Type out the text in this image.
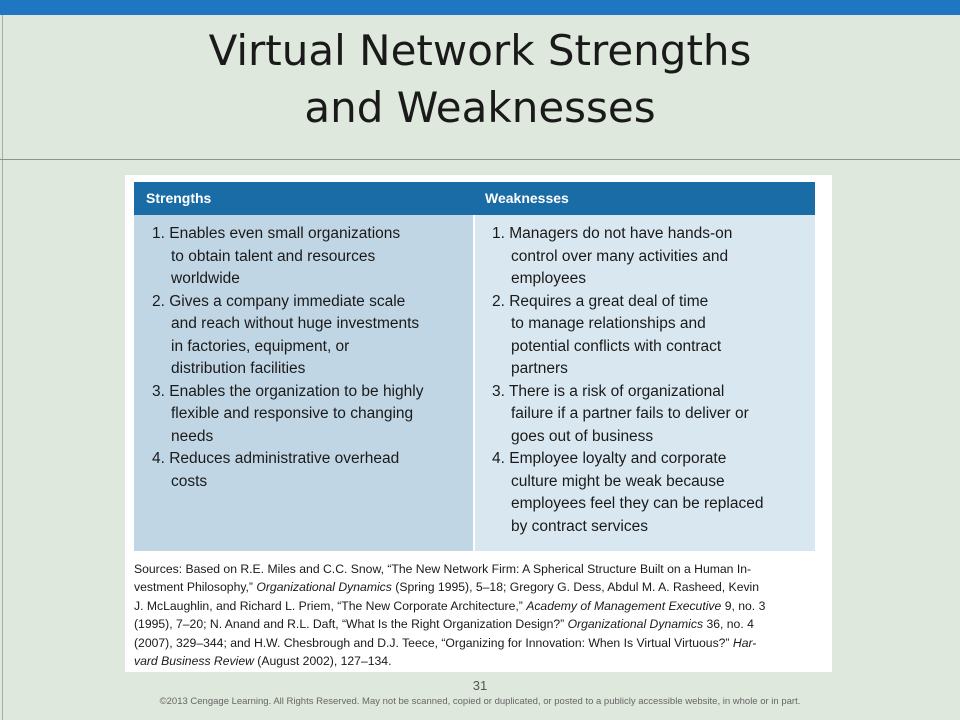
Virtual Network Strengths
and Weaknesses
Strengths	Weaknesses
1. Enables even small organizations
to obtain talent and resources
worldwide
2. Gives a company immediate scale
and reach without huge investments
in factories, equipment, or
distribution facilities
3. Enables the organization to be highly
flexible and responsive to changing
needs
4. Reduces administrative overhead
costs
1. Managers do not have hands-on
control over many activities and
employees
2. Requires a great deal of time
to manage relationships and
potential conflicts with contract
partners
3. There is a risk of organizational
failure if a partner fails to deliver or
goes out of business
4. Employee loyalty and corporate
culture might be weak because
employees feel they can be replaced
by contract services
Sources: Based on R.E. Miles and C.C. Snow, “The New Network Firm: A Spherical Structure Built on a Human In-
vestment Philosophy,” Organizational Dynamics (Spring 1995), 5–18; Gregory G. Dess, Abdul M. A. Rasheed, Kevin
J. McLaughlin, and Richard L. Priem, “The New Corporate Architecture,” Academy of Management Executive 9, no. 3
(1995), 7–20; N. Anand and R.L. Daft, “What Is the Right Organization Design?” Organizational Dynamics 36, no. 4
(2007), 329–344; and H.W. Chesbrough and D.J. Teece, “Organizing for Innovation: When Is Virtual Virtuous?” Har-
vard Business Review (August 2002), 127–134.
31
©2013 Cengage Learning. All Rights Reserved. May not be scanned, copied or duplicated, or posted to a publicly accessible website, in whole or in part.
